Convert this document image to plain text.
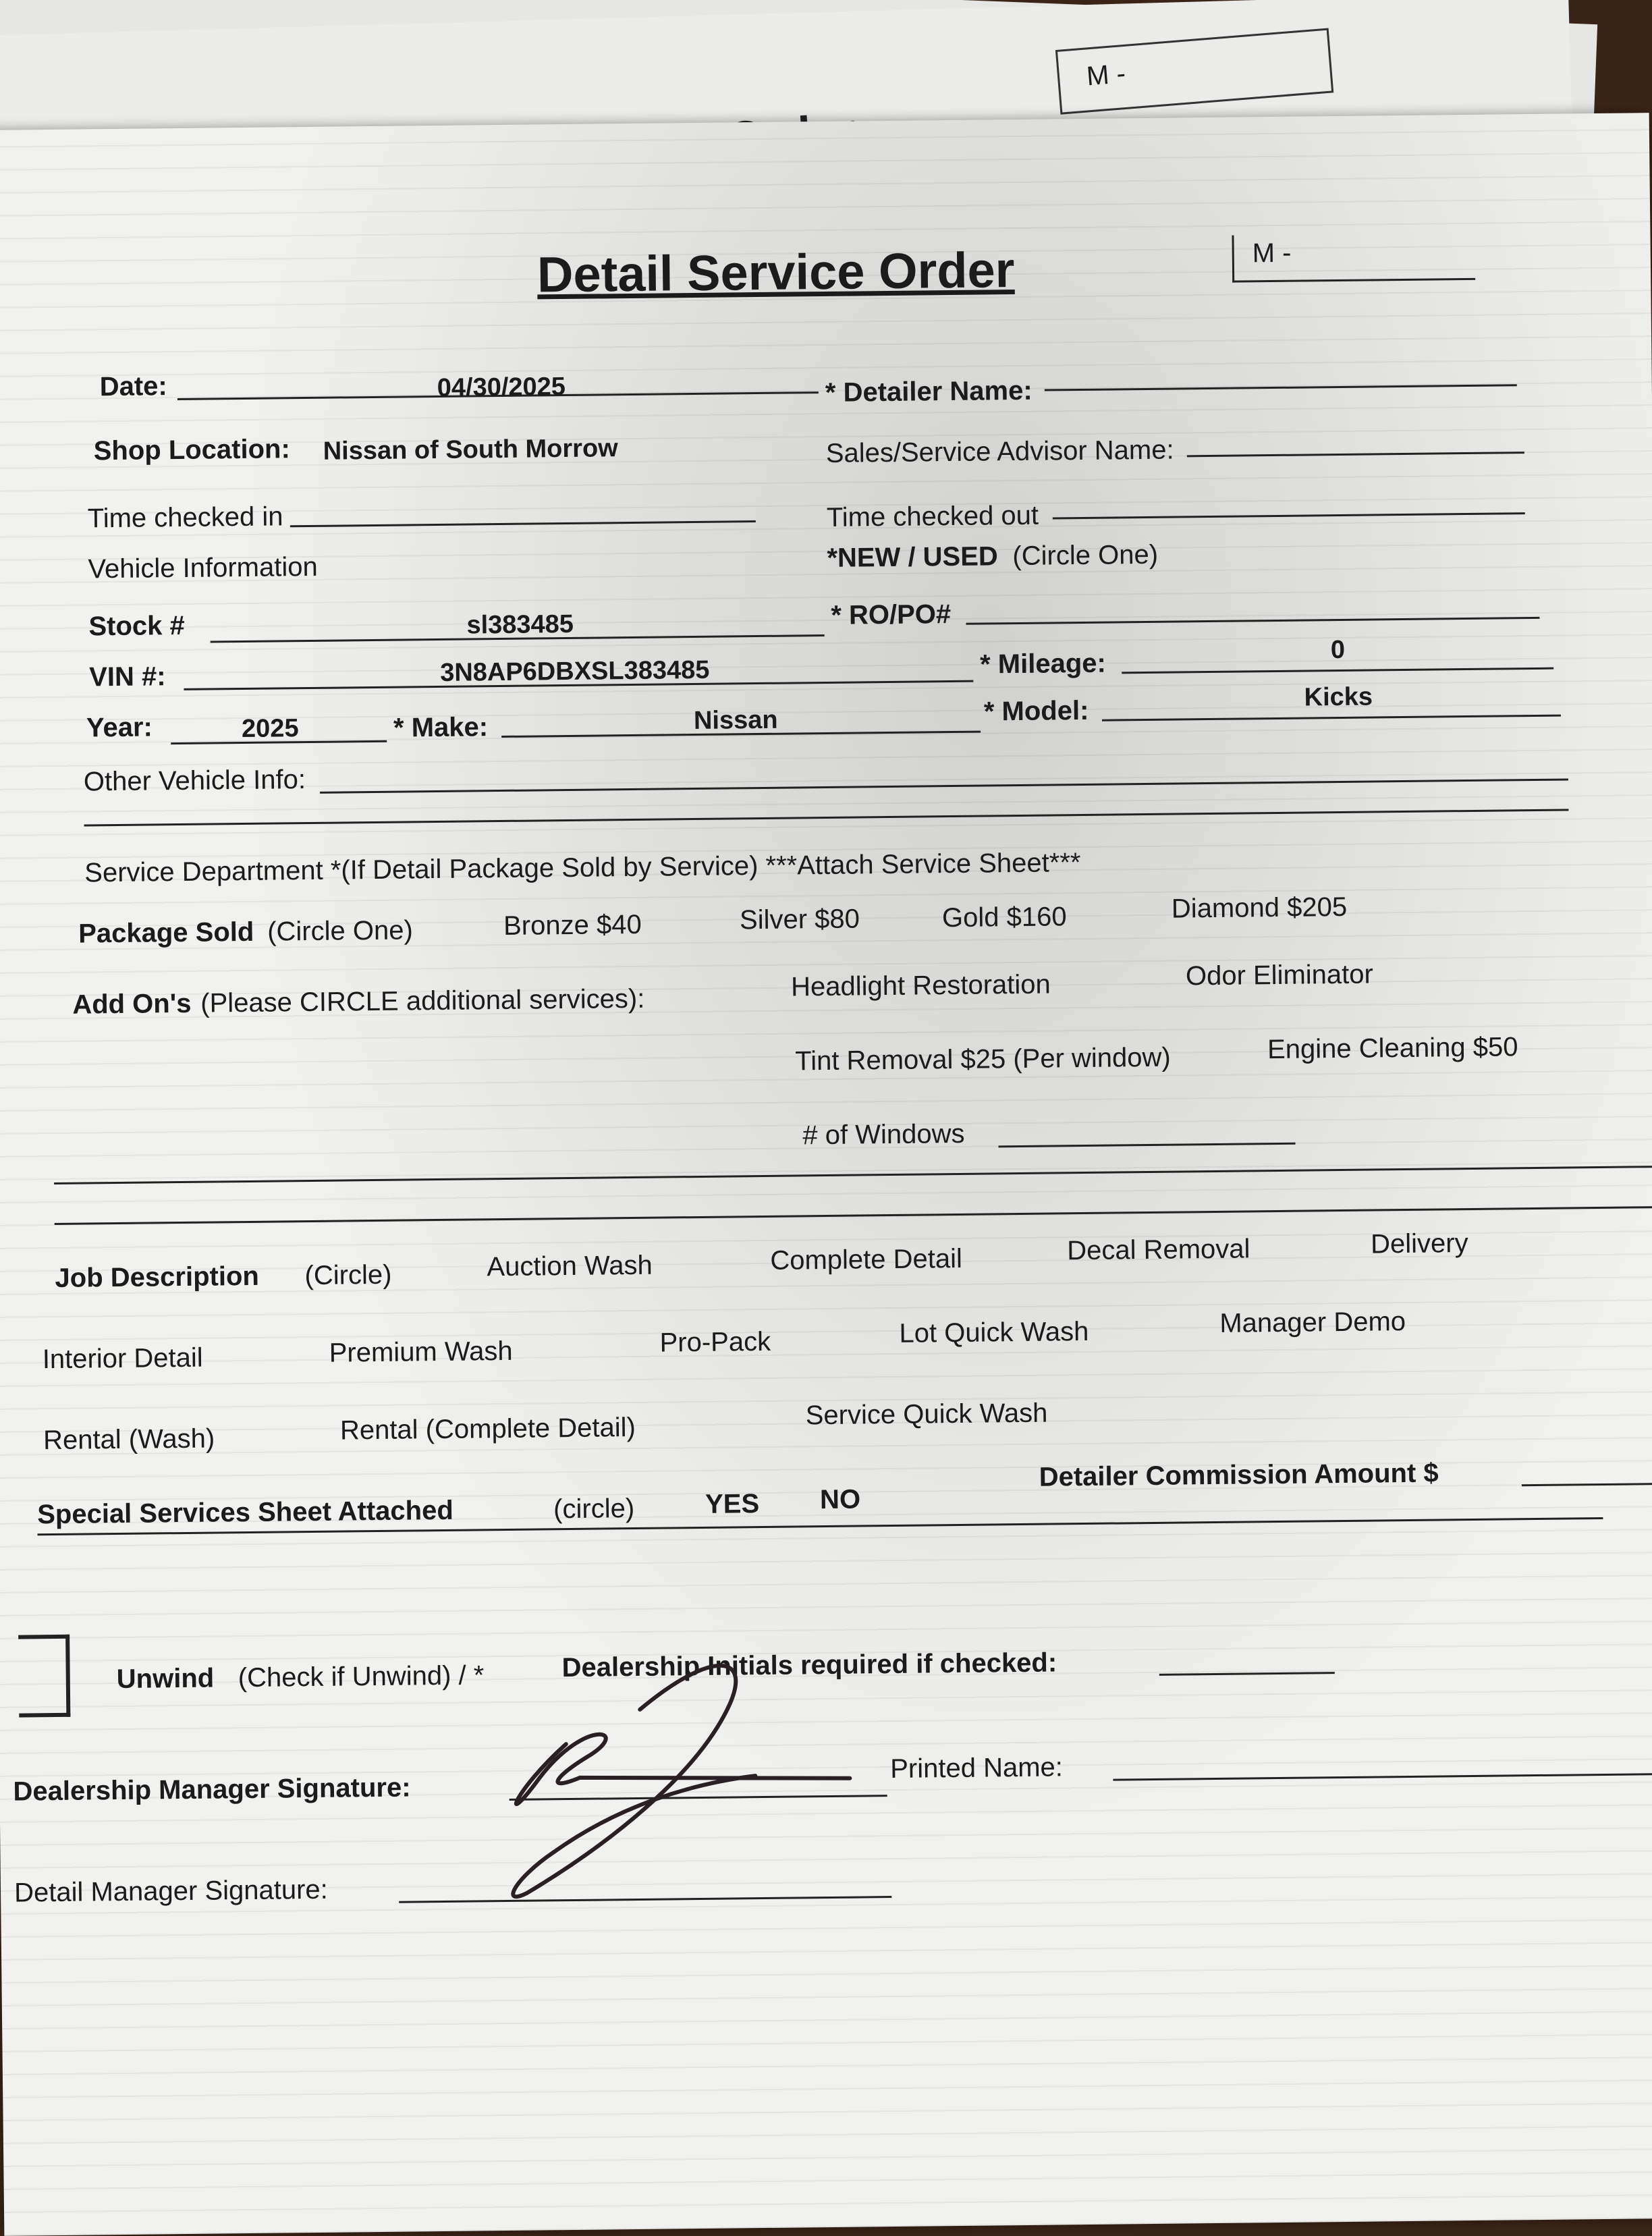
M -
Detail Service Order	M -
Date:	04/30/2025	* Detailer Name:
Shop Location: Nissan of South Morrow	Sales/Service Advisor Name:
Time checked in	Time checked out
Vehicle Information	*NEW / USED (Circle One)
Stock #	sl383485	* RO/PO#
VIN #:	3N8AP6DBXSL383485	* Mileage:	0
Year:	2025	* Make:	Nissan	* Model:	Kicks
Other Vehicle Info:
Service Department *(If Detail Package Sold by Service) ***Attach Service Sheet***
Package Sold (Circle One)	Bronze $40	Silver $80	Gold $160	Diamond $205
Add On's (Please CIRCLE additional services):	Headlight Restoration	Odor Eliminator
Tint Removal $25 (Per window)	Engine Cleaning $50
# of Windows
Job Description (Circle)	Auction Wash	Complete Detail	Decal Removal	Delivery
Interior Detail	Premium Wash	Pro-Pack	Lot Quick Wash	Manager Demo
Rental (Wash)	Rental (Complete Detail)	Service Quick Wash
Special Services Sheet Attached	(circle)	YES NO
Detailer Commission Amount $
Unwind (Check if Unwind) / *	Dealership Initials required if checked:
Dealership Manager Signature:
Printed Name:
Detail Manager Signature:
